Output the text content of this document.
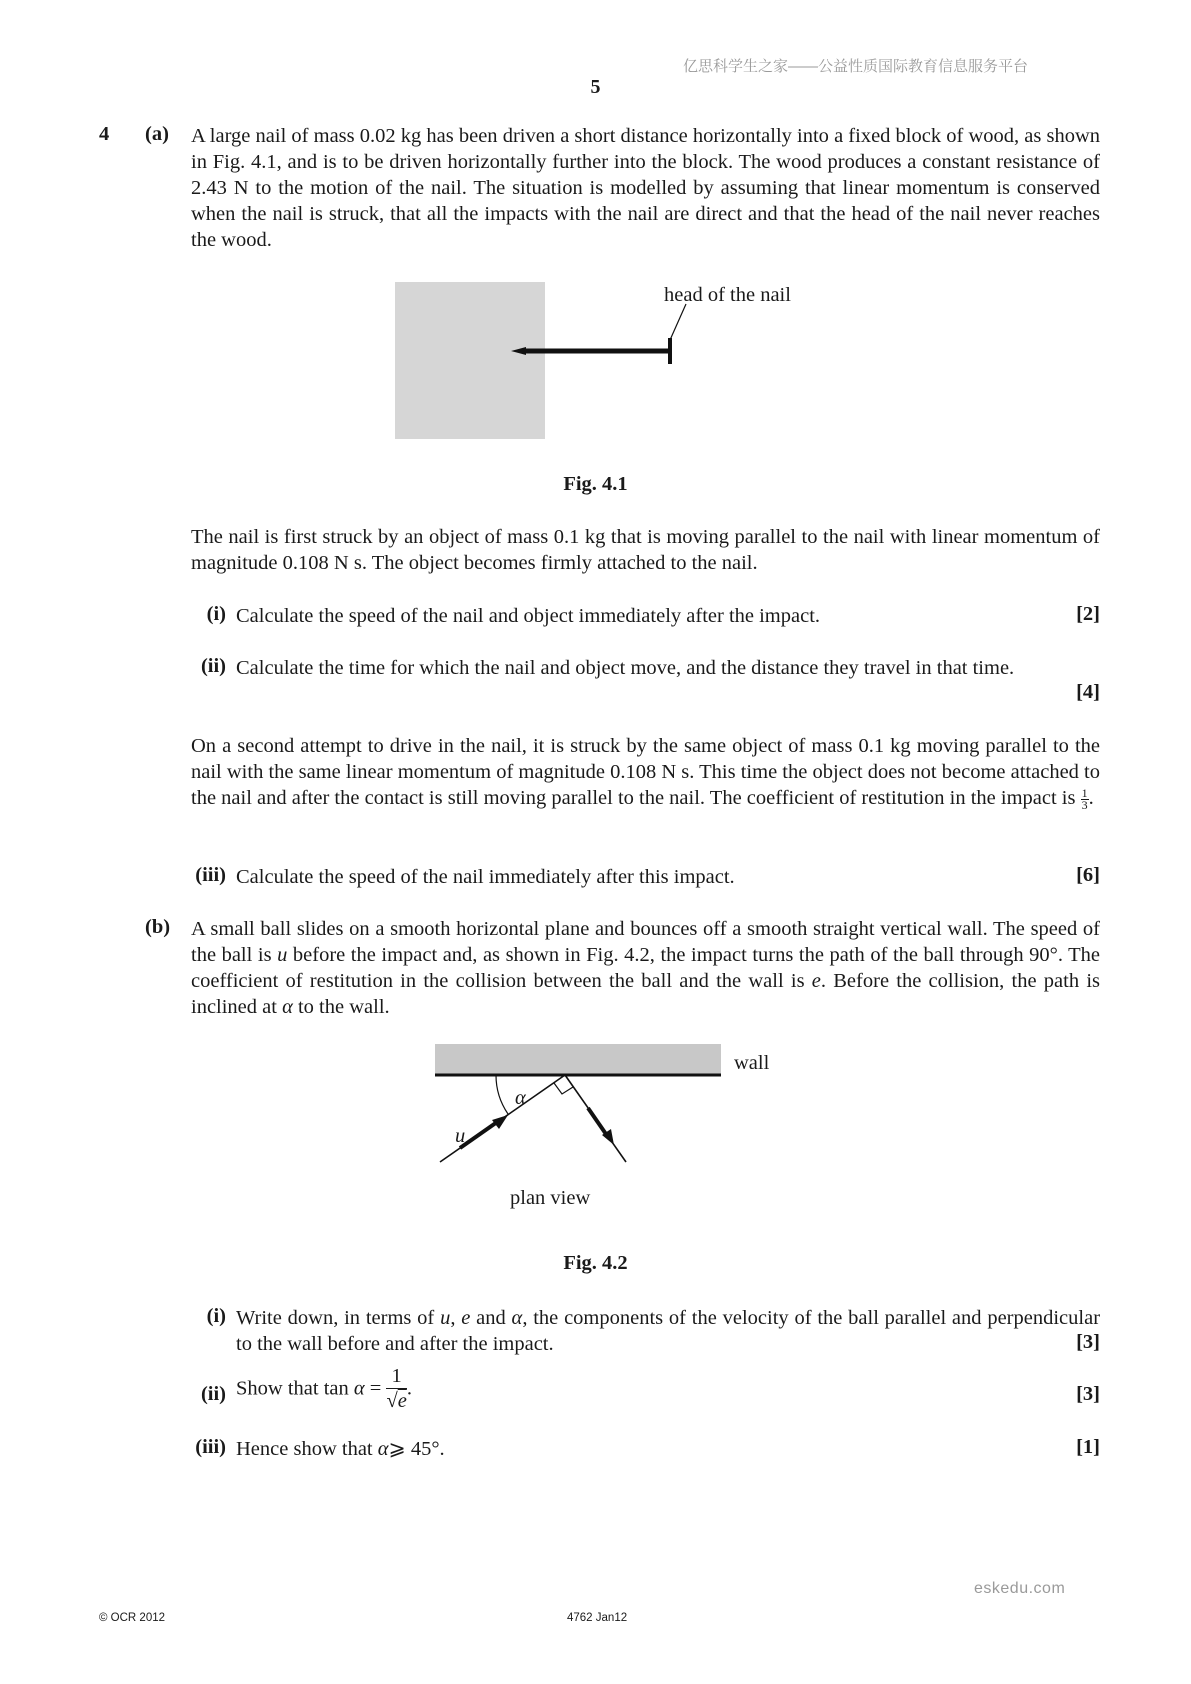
亿思科学生之家——公益性质国际教育信息服务平台
5
4 (a) A large nail of mass 0.02 kg has been driven a short distance horizontally into a fixed block of wood, as shown in Fig. 4.1, and is to be driven horizontally further into the block. The wood produces a constant resistance of 2.43 N to the motion of the nail. The situation is modelled by assuming that linear momentum is conserved when the nail is struck, that all the impacts with the nail are direct and that the head of the nail never reaches the wood.
head of the nail
Fig. 4.1
The nail is first struck by an object of mass 0.1 kg that is moving parallel to the nail with linear momentum of magnitude 0.108 N s. The object becomes firmly attached to the nail.
(i) Calculate the speed of the nail and object immediately after the impact.	[2]
(ii) Calculate the time for which the nail and object move, and the distance they travel in that time.
[4]
On a second attempt to drive in the nail, it is struck by the same object of mass 0.1 kg moving parallel to the nail with the same linear momentum of magnitude 0.108 N s. This time the object does not become attached to the nail and after the contact is still moving parallel to the nail. The coefficient of restitution in the impact is $\frac{1}{3}$ .
(iii) Calculate the speed of the nail immediately after this impact.	[6]
(b) A small ball slides on a smooth horizontal plane and bounces off a smooth straight vertical wall. The speed of the ball is u before the impact and, as shown in Fig. 4.2, the impact turns the path of the ball through 90°. The coefficient of restitution in the collision between the ball and the wall is e. Before the collision, the path is inclined at α to the wall.
wall
α
u
plan view
Fig. 4.2
(i) Write down, in terms of u, e and α, the components of the velocity of the ball parallel and perpendicular to the wall before and after the impact.	[3]
(ii) Show that $\tan \alpha = \frac{1}{√e}$ .	[3]
(iii) Hence show that α⩾ 45°.	[1]
eskedu.com
© OCR 2012	4762 Jan12
